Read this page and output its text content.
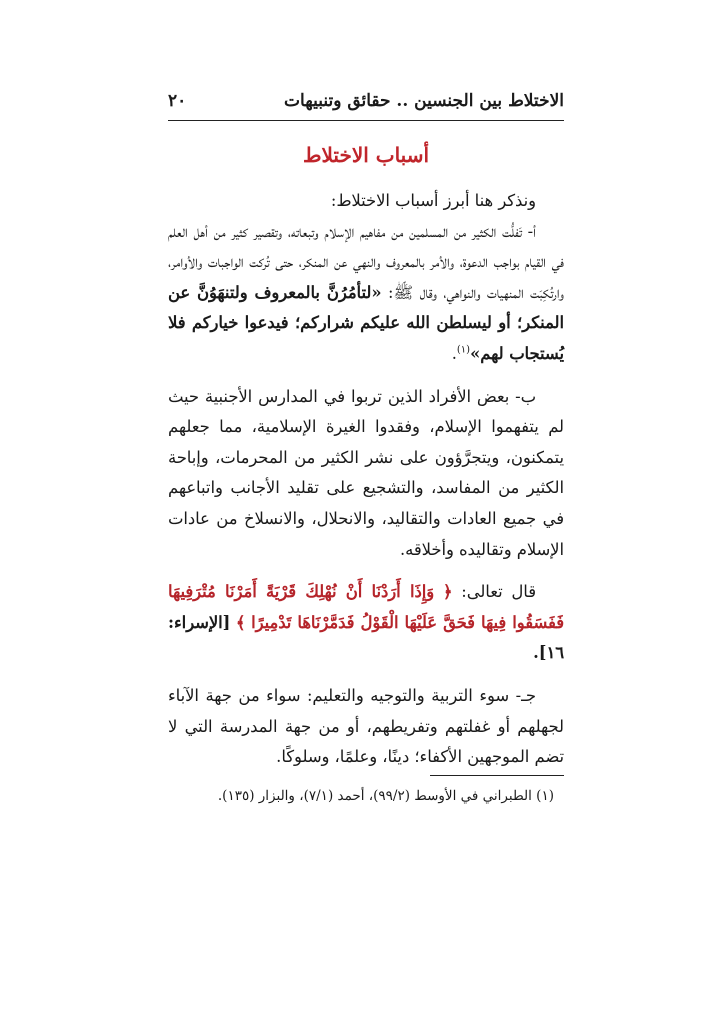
الاختلاط بين الجنسين .. حقائق وتنبيهات
٢٠
أسباب الاختلاط

ونذكر هنا أبرز أسباب الاختلاط:

أ- تَفلُّت الكثير من المسلمين من مفاهيم الإسلام وتبعاته، وتقصير كثير من أهل العلم في القيام بواجب الدعوة، والأمر بالمعروف والنهي عن المنكر، حتى تُركت الواجبات والأوامر، وارتُكِبَت المنهيات والنواهي، وقال ﷺ: «لتأمُرُنَّ بالمعروف ولتنهَوُنَّ عن المنكر؛ أو ليسلطن الله عليكم شراركم؛ فيدعوا خياركم فلا يُستجاب لهم»$^{(١)}$.

ب- بعض الأفراد الذين تربوا في المدارس الأجنبية حيث لم يتفهموا الإسلام، وفقدوا الغيرة الإسلامية، مما جعلهم يتمكنون، ويتجرَّؤون على نشر الكثير من المحرمات، وإباحة الكثير من المفاسد، والتشجيع على تقليد الأجانب واتباعهم في جميع العادات والتقاليد، والانحلال، والانسلاخ من عادات الإسلام وتقاليده وأخلاقه.

قال تعالى: ﴿ وَإِذَا أَرَدْنَا أَنْ نُهْلِكَ قَرْيَةً أَمَرْنَا مُتْرَفِيهَا فَفَسَقُوا فِيهَا فَحَقَّ عَلَيْهَا الْقَوْلُ فَدَمَّرْنَاهَا تَدْمِيرًا ﴾ [الإسراء: ١٦].

جـ- سوء التربية والتوجيه والتعليم: سواء من جهة الآباء لجهلهم أو غفلتهم وتفريطهم، أو من جهة المدرسة التي لا تضم الموجهين الأكفاء؛ دينًا، وعلمًا، وسلوكًا.

(١) الطبراني في الأوسط (٩٩/٢)، أحمد (٧/١)، والبزار (١٣٥).
